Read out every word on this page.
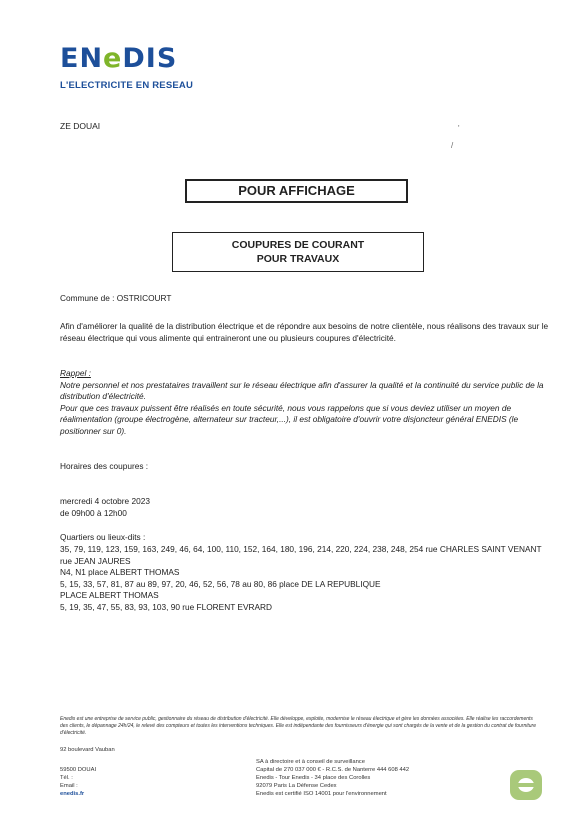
ENeDIS
L'ELECTRICITE EN RESEAU
ZE DOUAI	'
/
POUR AFFICHAGE
COUPURES DE COURANT
POUR TRAVAUX
Commune de : OSTRICOURT
Afin d'améliorer la qualité de la distribution électrique et de répondre aux besoins de notre clientèle, nous réalisons des travaux sur le réseau électrique qui vous alimente qui entraineront une ou plusieurs coupures d'électricité.
Rappel :
Notre personnel et nos prestataires travaillent sur le réseau électrique afin d'assurer la qualité et la continuité du service public de la distribution d'électricité.
Pour que ces travaux puissent être réalisés en toute sécurité, nous vous rappelons que si vous deviez utiliser un moyen de réalimentation (groupe électrogène, alternateur sur tracteur,...), il est obligatoire d'ouvrir votre disjoncteur général ENEDIS (le positionner sur 0).
Horaires des coupures :
mercredi 4 octobre 2023
de 09h00 à 12h00
Quartiers ou lieux-dits :
35, 79, 119, 123, 159, 163, 249, 46, 64, 100, 110, 152, 164, 180, 196, 214, 220, 224, 238, 248, 254 rue CHARLES SAINT VENANT
rue JEAN JAURES
N4, N1 place ALBERT THOMAS
5, 15, 33, 57, 81, 87 au 89, 97, 20, 46, 52, 56, 78 au 80, 86 place DE LA REPUBLIQUE
PLACE ALBERT THOMAS
5, 19, 35, 47, 55, 83, 93, 103, 90 rue FLORENT EVRARD
Enedis est une entreprise de service public, gestionnaire du réseau de distribution d'électricité. Elle développe, exploite, modernise le réseau électrique et gère les données associées. Elle réalise les raccordements des clients, le dépannage 24h/24, le relevé des compteurs et toutes les interventions techniques. Elle est indépendante des fournisseurs d'énergie qui sont chargés de la vente et de la gestion du contrat de fourniture d'électricité.
92 boulevard Vauban
59500 DOUAI
Tél. :
Email :
enedis.fr
SA à directoire et à conseil de surveillance
Capital de 270 037 000 € - R.C.S. de Nanterre 444 608 442
Enedis - Tour Enedis - 34 place des Corolles
92079 Paris La Défense Cedex
Enedis est certifié ISO 14001 pour l'environnement
